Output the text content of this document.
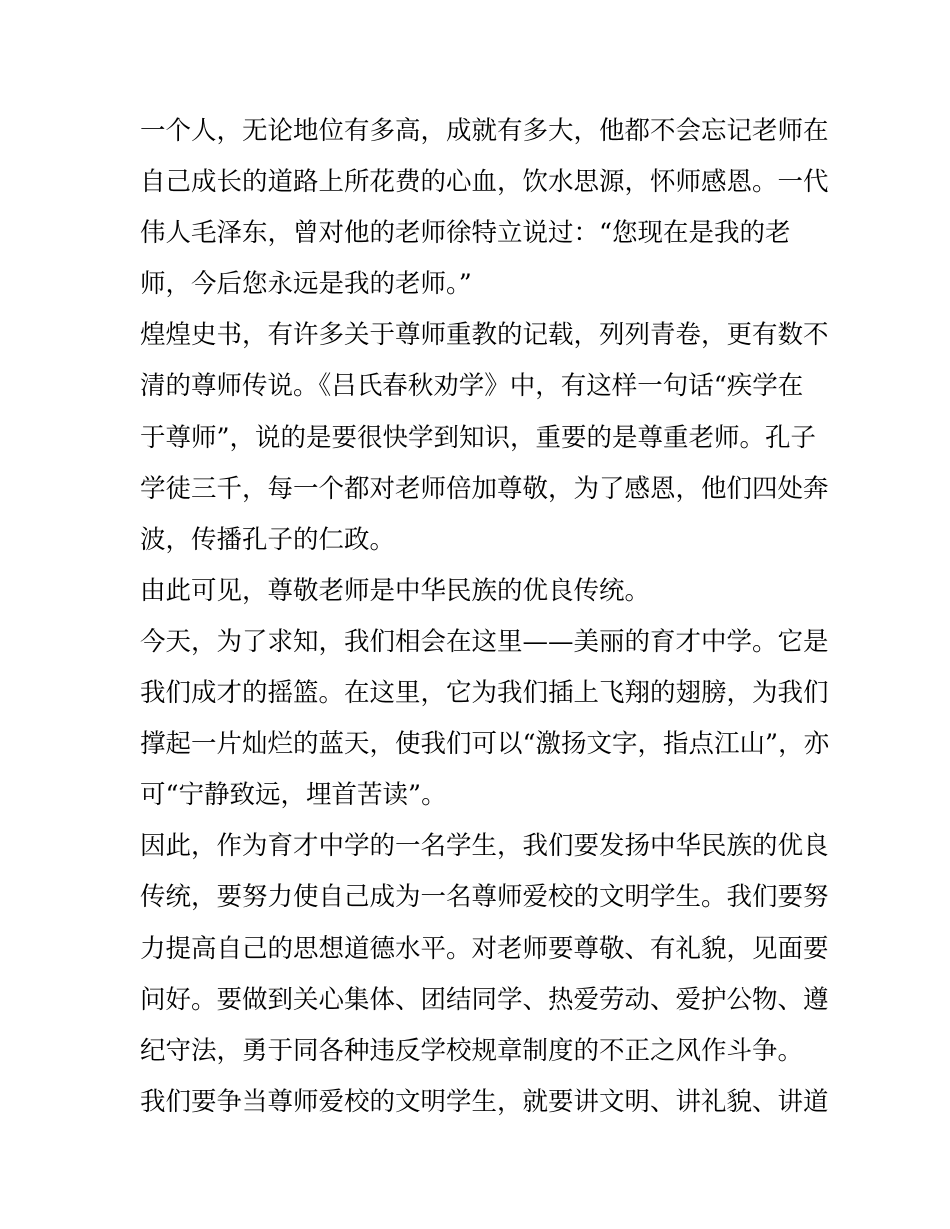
一个人，无论地位有多高，成就有多大，他都不会忘记老师在
自己成长的道路上所花费的心血，饮水思源，怀师感恩。一代
伟人毛泽东，曾对他的老师徐特立说过：“您现在是我的老
师，今后您永远是我的老师。”
煌煌史书，有许多关于尊师重教的记载，列列青卷，更有数不
清的尊师传说。《吕氏春秋劝学》中，有这样一句话“疾学在
于尊师”，说的是要很快学到知识，重要的是尊重老师。孔子
学徒三千，每一个都对老师倍加尊敬，为了感恩，他们四处奔
波，传播孔子的仁政。
由此可见，尊敬老师是中华民族的优良传统。
今天，为了求知，我们相会在这里——美丽的育才中学。它是
我们成才的摇篮。在这里，它为我们插上飞翔的翅膀，为我们
撑起一片灿烂的蓝天，使我们可以“激扬文字，指点江山”，亦
可“宁静致远，埋首苦读”。
因此，作为育才中学的一名学生，我们要发扬中华民族的优良
传统，要努力使自己成为一名尊师爱校的文明学生。我们要努
力提高自己的思想道德水平。对老师要尊敬、有礼貌，见面要
问好。要做到关心集体、团结同学、热爱劳动、爱护公物、遵
纪守法，勇于同各种违反学校规章制度的不正之风作斗争。
我们要争当尊师爱校的文明学生，就要讲文明、讲礼貌、讲道
